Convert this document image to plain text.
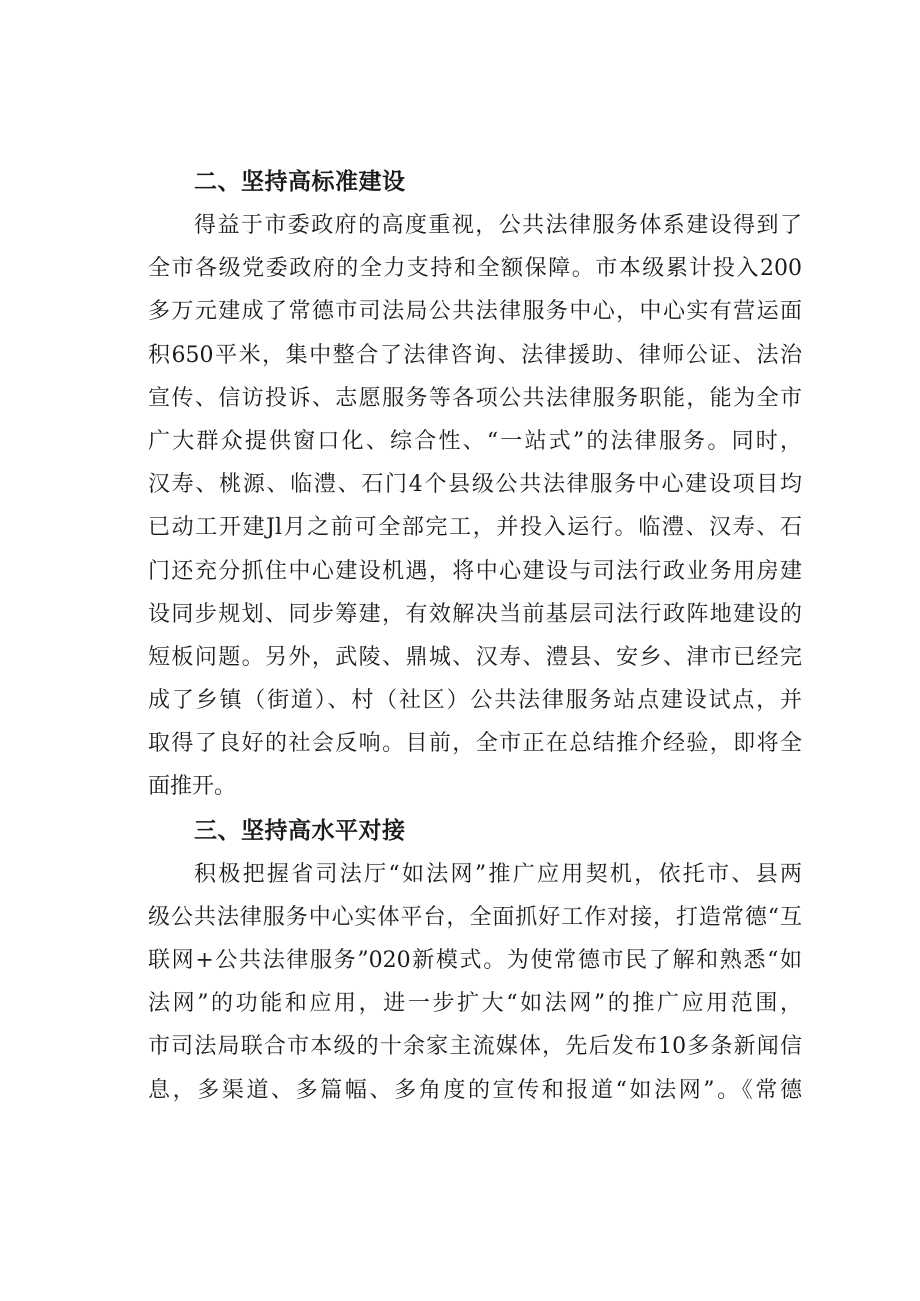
二、坚持高标准建设
得益于市委政府的高度重视，公共法律服务体系建设得到了
全市各级党委政府的全力支持和全额保障。市本级累计投入200
多万元建成了常德市司法局公共法律服务中心，中心实有营运面
积650平米，集中整合了法律咨询、法律援助、律师公证、法治
宣传、信访投诉、志愿服务等各项公共法律服务职能，能为全市
广大群众提供窗口化、综合性、“一站式”的法律服务。同时，
汉寿、桃源、临澧、石门4个县级公共法律服务中心建设项目均
已动工开建Jl月之前可全部完工，并投入运行。临澧、汉寿、石
门还充分抓住中心建设机遇，将中心建设与司法行政业务用房建
设同步规划、同步筹建，有效解决当前基层司法行政阵地建设的
短板问题。另外，武陵、鼎城、汉寿、澧县、安乡、津市已经完
成了乡镇（街道）、村（社区）公共法律服务站点建设试点，并
取得了良好的社会反响。目前，全市正在总结推介经验，即将全
面推开。
三、坚持高水平对接
积极把握省司法厅“如法网”推广应用契机，依托市、县两
级公共法律服务中心实体平台，全面抓好工作对接，打造常德“互
联网+公共法律服务”020新模式。为使常德市民了解和熟悉“如
法网”的功能和应用，进一步扩大“如法网”的推广应用范围，
市司法局联合市本级的十余家主流媒体，先后发布10多条新闻信
息，多渠道、多篇幅、多角度的宣传和报道“如法网”。《常德
